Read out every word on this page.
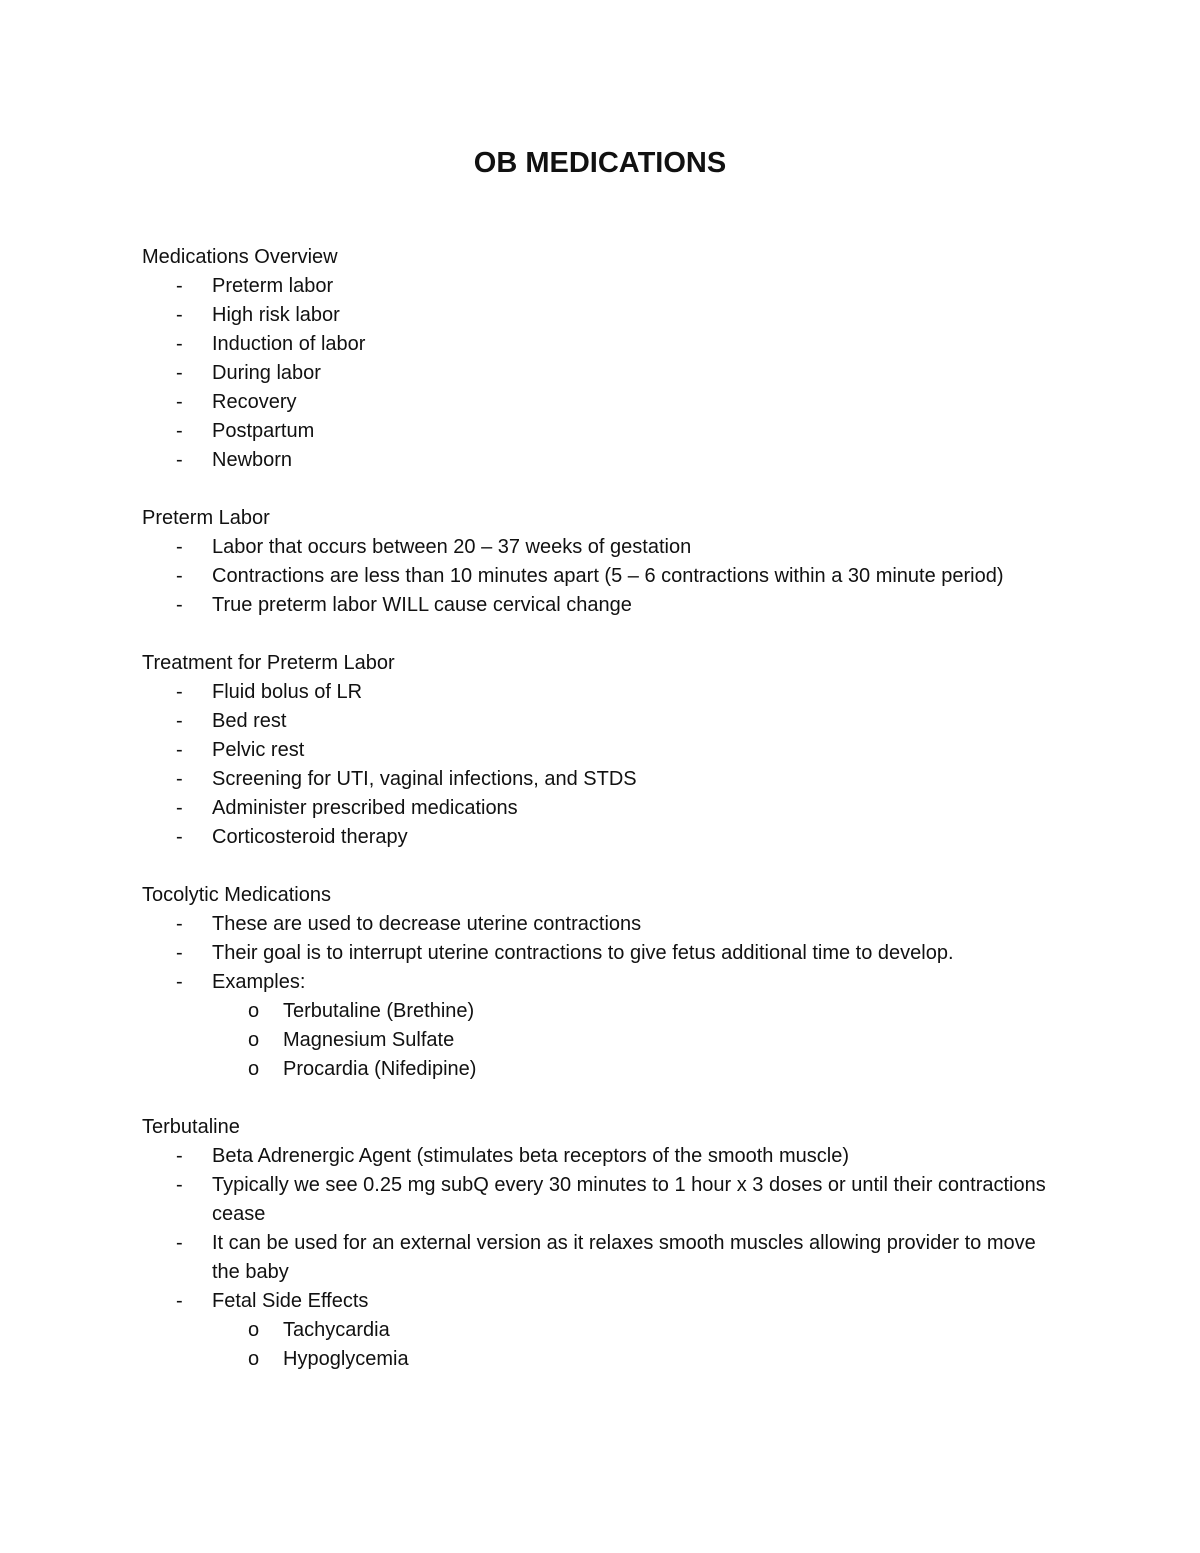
OB MEDICATIONS
Medications Overview
-	Preterm labor
-	High risk labor
-	Induction of labor
-	During labor
-	Recovery
-	Postpartum
-	Newborn
Preterm Labor
-	Labor that occurs between 20 – 37 weeks of gestation
-	Contractions are less than 10 minutes apart (5 – 6 contractions within a 30 minute period)
-	True preterm labor WILL cause cervical change
Treatment for Preterm Labor
-	Fluid bolus of LR
-	Bed rest
-	Pelvic rest
-	Screening for UTI, vaginal infections, and STDS
-	Administer prescribed medications
-	Corticosteroid therapy
Tocolytic Medications
-	These are used to decrease uterine contractions
-	Their goal is to interrupt uterine contractions to give fetus additional time to develop.
-	Examples:
o Terbutaline (Brethine)
o Magnesium Sulfate
o Procardia (Nifedipine)
Terbutaline
-	Beta Adrenergic Agent (stimulates beta receptors of the smooth muscle)
-	Typically we see 0.25 mg subQ every 30 minutes to 1 hour x 3 doses or until their contractions cease
-	It can be used for an external version as it relaxes smooth muscles allowing provider to move the baby
-	Fetal Side Effects
o Tachycardia
o Hypoglycemia
